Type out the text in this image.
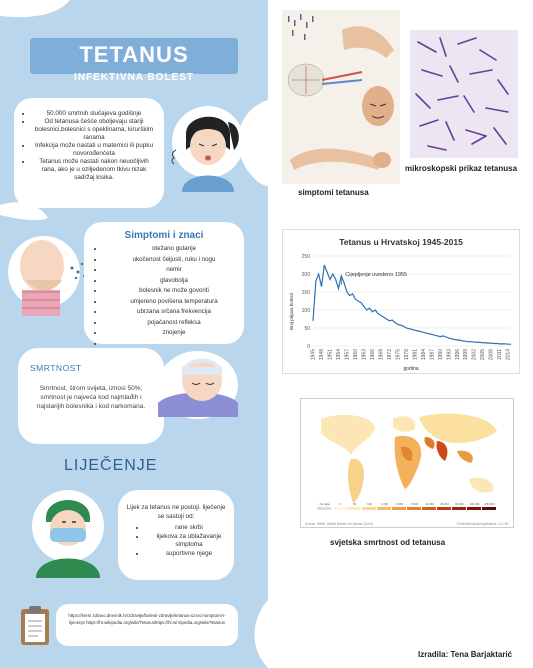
TETANUS
INFEKTIVNA BOLEST
• 50.000 smrtnih slučajeva godišnje
• Od tetanusa češće oboljevaju stariji bolesnici,bolesnici s opeklinama, kirurškim ranama
• Infekcija može nastati u maternici ili pupku novorođenčeta
• Tetanus može nastati nakon neuočljivih rana, ako je u oziljedenom tkivu nizak sadržaj kisika.
Simptomi i znaci
• otežano gutanje
• ukočenost čeljusti, ruku i nogu
• nemir
• glavobolja
• bolesnik ne može govoriti
• umjereno povišena temperatura
• ubrzana srčana frekvencija
• pojačanost refleksa
• znojenje
•
SMRTNOST
Smrtnost, širom svijeta, iznosi 50%; smrtnost je najveća kod najmlađih i najstarijih bolesnika i kod narkomana.
LIJEČENJE
Lijek za tetanus ne postoji. liječenje se sastoji od:
• rane skrbi
• lijekova za ublažavanje simptoma
• suportivne njege
https://kreni zdravo.dnevnik.hr/zdravlje/bolesti-zdravlje/tetanus-uzroci-simptomi-i-lijecenje https://hr.wikipedia.org/wiki/Tetanushttps://hr.wi kipedia.org/wiki/Tetanus
simptomi tetanusa
mikroskopski prikaz tetanusa
Tetanus u Hrvatskoj 1945-2015
Broj prijava bolesti
godina
0
50
100
150
200
250
1945 1948 1951 1954 1957 1960 1963 1966 1969 1972 1975 1978 1981 1984 1987 1990 1993 1996 1999 2002 2005 2008 2011 2014
Cijepljenje uvedeno 1955
No data	0	50	100	1.000	2.500	5.000	10.000 25.000 50.000 100.000 250.000
Source: IHME, Global Burden of Disease (2019)	OurWorldInData.org/tetanus • CC BY
svjetska smrtnost od tetanusa
Izradila: Tena Barjaktarić
